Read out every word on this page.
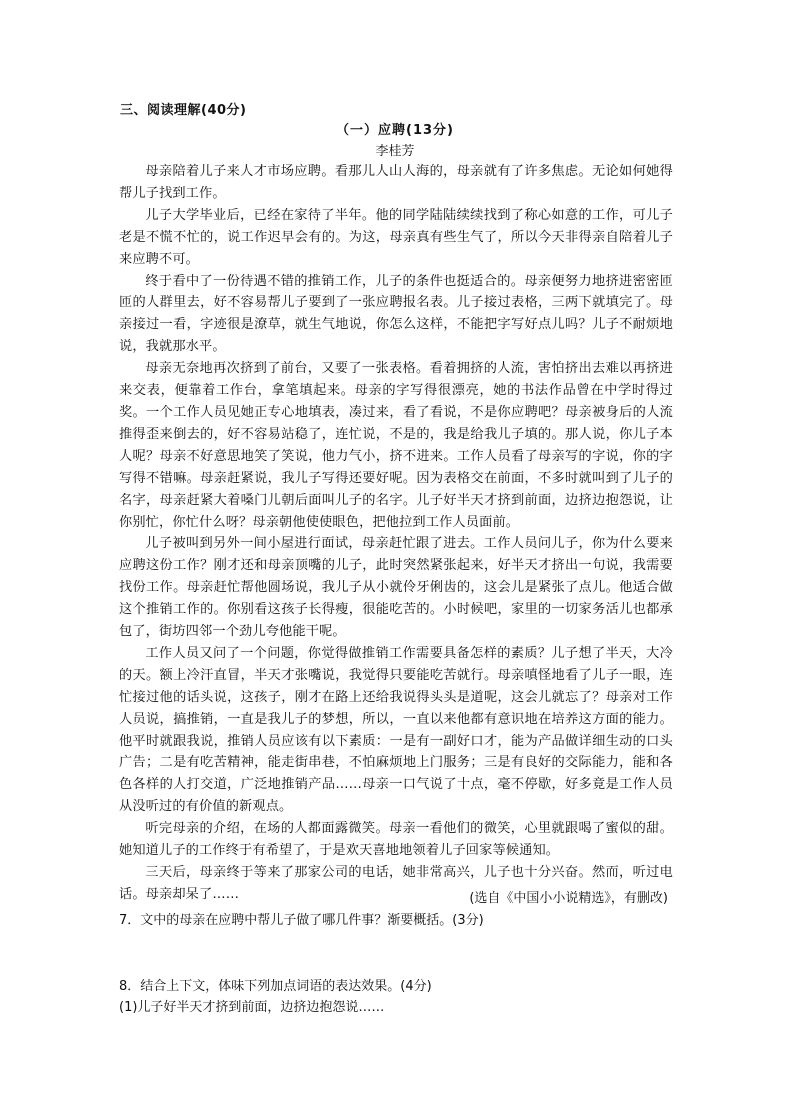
三、阅读理解(40分)
（一）应聘(13分)
李桂芳

母亲陪着儿子来人才市场应聘。看那儿人山人海的，母亲就有了许多焦虑。无论如何她得帮儿子找到工作。

儿子大学毕业后，已经在家待了半年。他的同学陆陆续续找到了称心如意的工作，可儿子老是不慌不忙的，说工作迟早会有的。为这，母亲真有些生气了，所以今天非得亲自陪着儿子来应聘不可。

终于看中了一份待遇不错的推销工作，儿子的条件也挺适合的。母亲便努力地挤进密密匝匝的人群里去，好不容易帮儿子要到了一张应聘报名表。儿子接过表格，三两下就填完了。母亲接过一看，字迹很是潦草，就生气地说，你怎么这样，不能把字写好点儿吗？儿子不耐烦地说，我就那水平。

母亲无奈地再次挤到了前台，又要了一张表格。看着拥挤的人流，害怕挤出去难以再挤进来交表，便靠着工作台，拿笔填起来。母亲的字写得很漂亮，她的书法作品曾在中学时得过奖。一个工作人员见她正专心地填表，凑过来，看了看说，不是你应聘吧？母亲被身后的人流推得歪来倒去的，好不容易站稳了，连忙说，不是的，我是给我儿子填的。那人说，你儿子本人呢？母亲不好意思地笑了笑说，他力气小，挤不进来。工作人员看了母亲写的字说，你的字写得不错嘛。母亲赶紧说，我儿子写得还要好呢。因为表格交在前面，不多时就叫到了儿子的名字，母亲赶紧大着嗓门儿朝后面叫儿子的名字。儿子好半天才挤到前面，边挤边抱怨说，让你别忙，你忙什么呀？母亲朝他使使眼色，把他拉到工作人员面前。

儿子被叫到另外一间小屋进行面试，母亲赶忙跟了进去。工作人员问儿子，你为什么要来应聘这份工作？刚才还和母亲顶嘴的儿子，此时突然紧张起来，好半天才挤出一句说，我需要找份工作。母亲赶忙帮他圆场说，我儿子从小就伶牙俐齿的，这会儿是紧张了点儿。他适合做这个推销工作的。你别看这孩子长得瘦，很能吃苦的。小时候吧，家里的一切家务活儿也都承包了，街坊四邻一个劲儿夸他能干呢。

工作人员又问了一个问题，你觉得做推销工作需要具备怎样的素质？儿子想了半天，大冷的天。额上冷汗直冒，半天才张嘴说，我觉得只要能吃苦就行。母亲嗔怪地看了儿子一眼，连忙接过他的话头说，这孩子，刚才在路上还给我说得头头是道呢，这会儿就忘了？母亲对工作人员说，搞推销，一直是我儿子的梦想，所以，一直以来他都有意识地在培养这方面的能力。他平时就跟我说，推销人员应该有以下素质：一是有一副好口才，能为产品做详细生动的口头广告；二是有吃苦精神，能走街串巷，不怕麻烦地上门服务；三是有良好的交际能力，能和各色各样的人打交道，广泛地推销产品……母亲一口气说了十点，毫不停歇，好多竟是工作人员从没听过的有价值的新观点。

听完母亲的介绍，在场的人都面露微笑。母亲一看他们的微笑，心里就跟喝了蜜似的甜。她知道儿子的工作终于有希望了，于是欢天喜地地领着儿子回家等候通知。

三天后，母亲终于等来了那家公司的电话，她非常高兴，儿子也十分兴奋。然而，听过电话。母亲却呆了……	(选自《中国小小说精选》，有删改)
7．文中的母亲在应聘中帮儿子做了哪几件事？渐要概括。(3分)
8．结合上下文，体味下列加点词语的表达效果。(4分)
(1)儿子好半天才挤到前面，边挤边抱怨说……
